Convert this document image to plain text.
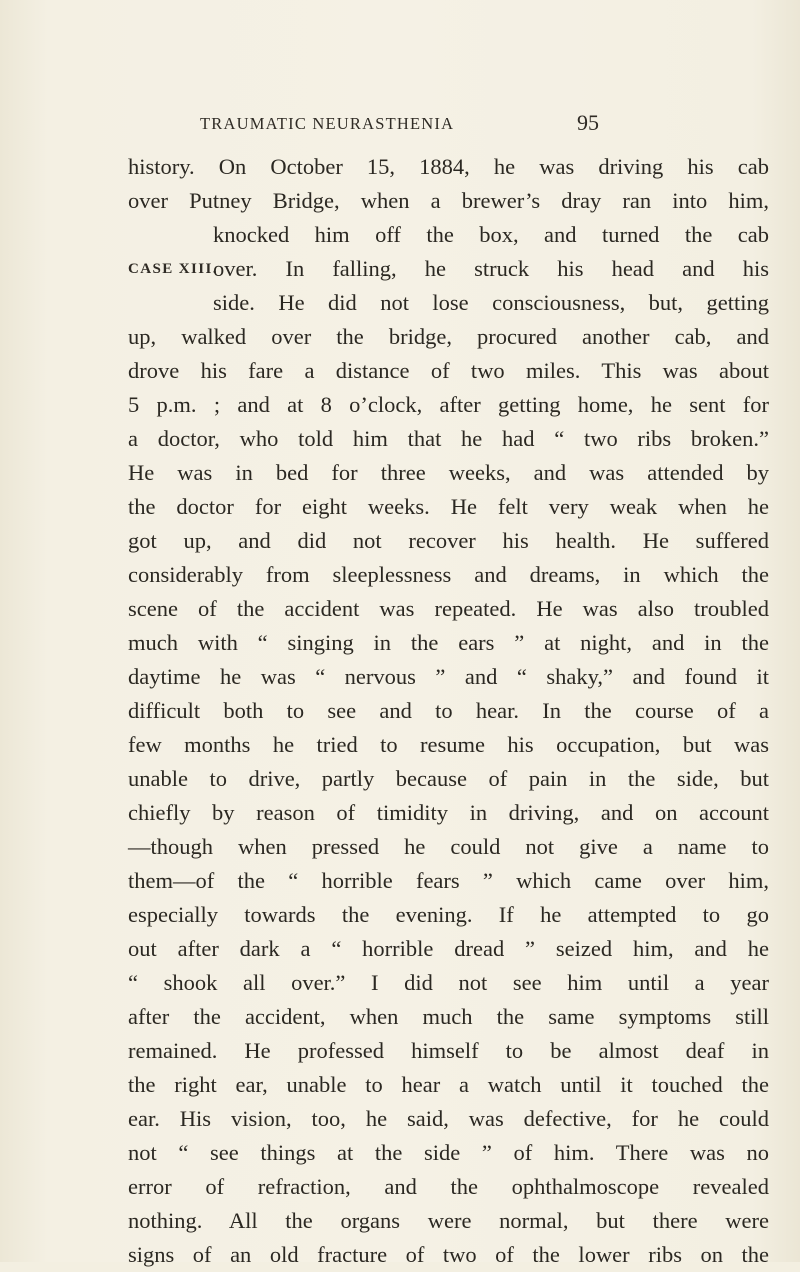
TRAUMATIC NEURASTHENIA	95
history. On October 15, 1884, he was driving his cab
over Putney Bridge, when a brewer’s dray ran into him,
knocked him off the box, and turned the cab
CASE XIII.
over. In falling, he struck his head and his
side. He did not lose consciousness, but, getting
up, walked over the bridge, procured another cab, and
drove his fare a distance of two miles. This was about
5 p.m. ; and at 8 o’clock, after getting home, he sent for
a doctor, who told him that he had “ two ribs broken.”
He was in bed for three weeks, and was attended by
the doctor for eight weeks. He felt very weak when he
got up, and did not recover his health. He suffered
considerably from sleeplessness and dreams, in which the
scene of the accident was repeated. He was also troubled
much with “ singing in the ears ” at night, and in the
daytime he was “ nervous ” and “ shaky,” and found it
difficult both to see and to hear. In the course of a
few months he tried to resume his occupation, but was
unable to drive, partly because of pain in the side, but
chiefly by reason of timidity in driving, and on account
—though when pressed he could not give a name to
them—of the “ horrible fears ” which came over him,
especially towards the evening. If he attempted to go
out after dark a “ horrible dread ” seized him, and he
“ shook all over.” I did not see him until a year
after the accident, when much the same symptoms still
remained. He professed himself to be almost deaf in
the right ear, unable to hear a watch until it touched the
ear. His vision, too, he said, was defective, for he could
not “ see things at the side ” of him. There was no
error of refraction, and the ophthalmoscope revealed
nothing. All the organs were normal, but there were
signs of an old fracture of two of the lower ribs on the
